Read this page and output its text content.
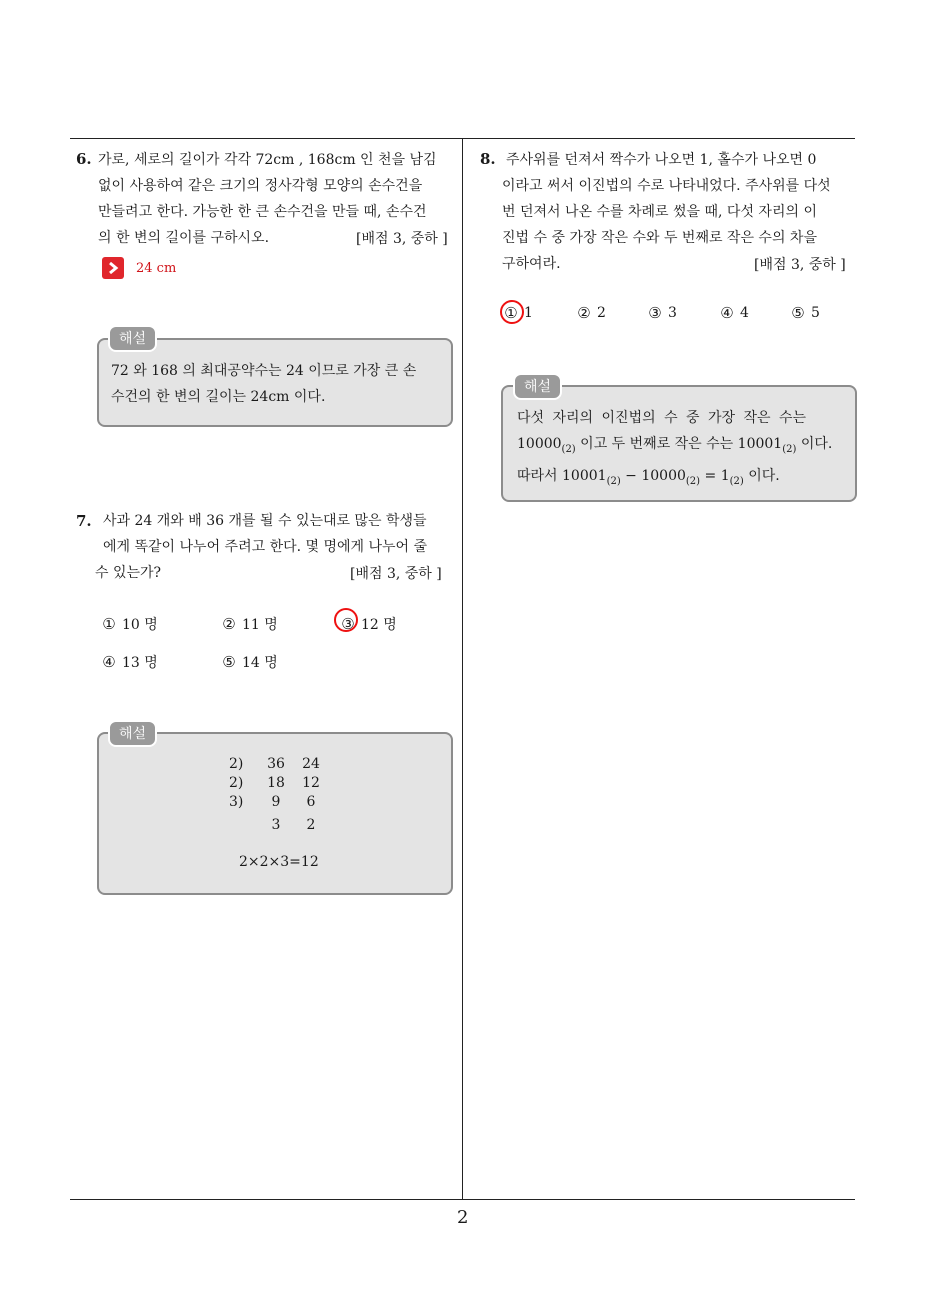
6. 가로, 세로의 길이가 각각 72cm , 168cm 인 천을 남김
없이 사용하여 같은 크기의 정사각형 모양의 손수건을
만들려고 한다. 가능한 한 큰 손수건을 만들 때, 손수건
의 한 변의 길이를 구하시오.	[배점 3, 중하 ]
24 cm
72 와 168 의 최대공약수는 24 이므로 가장 큰 손
수건의 한 변의 길이는 24cm 이다.
해설
7. 사과 24 개와 배 36 개를 될 수 있는대로 많은 학생들
에게 똑같이 나누어 주려고 한다. 몇 명에게 나누어 줄
수 있는가?	[배점 3, 중하 ]
① 10 명	② 11 명	③ 12 명
④ 13 명	⑤ 14 명
2) 36 24
2) 18 12
3) 9 6
3 2
2×2×3=12
해설
8. 주사위를 던져서 짝수가 나오면 1, 홀수가 나오면 0
이라고 써서 이진법의 수로 나타내었다. 주사위를 다섯
번 던져서 나온 수를 차례로 썼을 때, 다섯 자리의 이
진법 수 중 가장 작은 수와 두 번째로 작은 수의 차을
구하여라.	[배점 3, 중하 ]
① 1	② 2	③ 3	④ 4	⑤ 5
다섯 자리의 이진법의 수 중 가장 작은 수는
$10000_{(2)}$ 이고 두 번째로 작은 수는 $10001_{(2)}$ 이다.
따라서 $10001_{(2)} - 10000_{(2)} = 1_{(2)}$ 이다.
해설
2
